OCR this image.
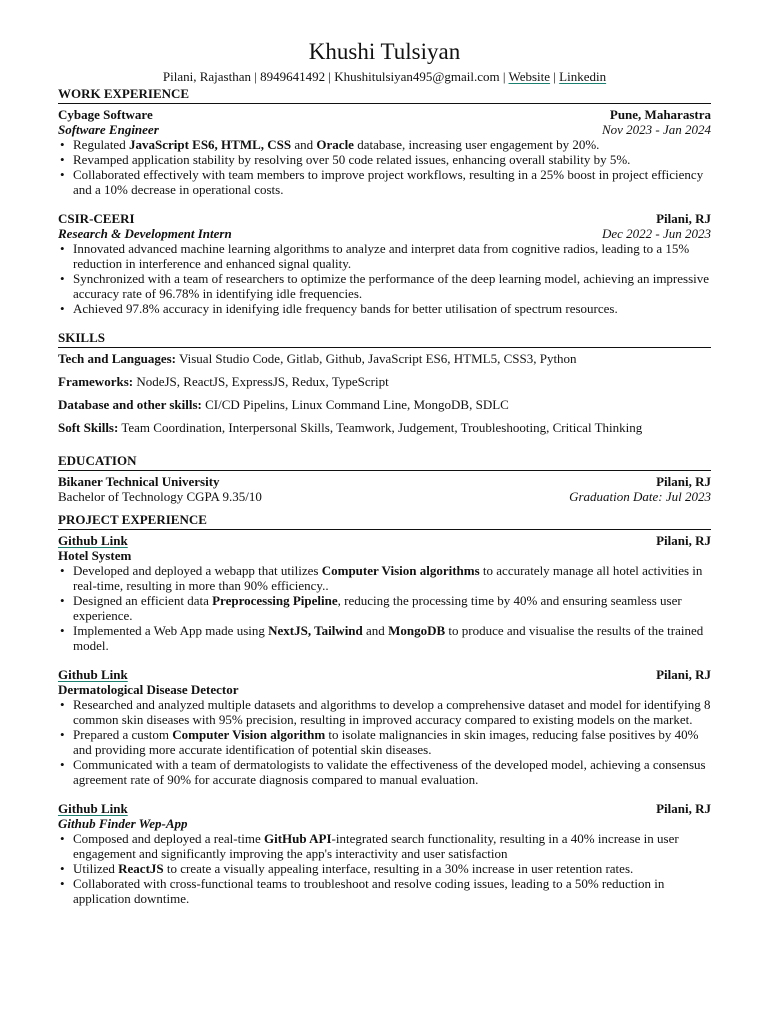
Khushi Tulsiyan
Pilani, Rajasthan | 8949641492 | Khushitulsiyan495@gmail.com | Website | Linkedin
WORK EXPERIENCE
Cybage Software	Pune, Maharastra
Software Engineer	Nov 2023 - Jan 2024
• Regulated JavaScript ES6, HTML, CSS and Oracle database, increasing user engagement by 20%.
• Revamped application stability by resolving over 50 code related issues, enhancing overall stability by 5%.
• Collaborated effectively with team members to improve project workflows, resulting in a 25% boost in project efficiency and a 10% decrease in operational costs.
CSIR-CEERI	Pilani, RJ
Research & Development Intern	Dec 2022 - Jun 2023
• Innovated advanced machine learning algorithms to analyze and interpret data from cognitive radios, leading to a 15% reduction in interference and enhanced signal quality.
• Synchronized with a team of researchers to optimize the performance of the deep learning model, achieving an impressive accuracy rate of 96.78% in identifying idle frequencies.
• Achieved 97.8% accuracy in idenifying idle frequency bands for better utilisation of spectrum resources.
SKILLS
Tech and Languages: Visual Studio Code, Gitlab, Github, JavaScript ES6, HTML5, CSS3, Python
Frameworks: NodeJS, ReactJS, ExpressJS, Redux, TypeScript
Database and other skills: CI/CD Pipelins, Linux Command Line, MongoDB, SDLC
Soft Skills: Team Coordination, Interpersonal Skills, Teamwork, Judgement, Troubleshooting, Critical Thinking
EDUCATION
Bikaner Technical University	Pilani, RJ
Bachelor of Technology CGPA 9.35/10	Graduation Date: Jul 2023
PROJECT EXPERIENCE
Github Link	Pilani, RJ
Hotel System
• Developed and deployed a webapp that utilizes Computer Vision algorithms to accurately manage all hotel activities in real-time, resulting in more than 90% efficiency..
• Designed an efficient data Preprocessing Pipeline, reducing the processing time by 40% and ensuring seamless user experience.
• Implemented a Web App made using NextJS, Tailwind and MongoDB to produce and visualise the results of the trained model.
Github Link	Pilani, RJ
Dermatological Disease Detector
• Researched and analyzed multiple datasets and algorithms to develop a comprehensive dataset and model for identifying 8 common skin diseases with 95% precision, resulting in improved accuracy compared to existing models on the market.
• Prepared a custom Computer Vision algorithm to isolate malignancies in skin images, reducing false positives by 40% and providing more accurate identification of potential skin diseases.
• Communicated with a team of dermatologists to validate the effectiveness of the developed model, achieving a consensus agreement rate of 90% for accurate diagnosis compared to manual evaluation.
Github Link	Pilani, RJ
Github Finder Wep-App
• Composed and deployed a real-time GitHub API-integrated search functionality, resulting in a 40% increase in user engagement and significantly improving the app's interactivity and user satisfaction
• Utilized ReactJS to create a visually appealing interface, resulting in a 30% increase in user retention rates.
• Collaborated with cross-functional teams to troubleshoot and resolve coding issues, leading to a 50% reduction in application downtime.
